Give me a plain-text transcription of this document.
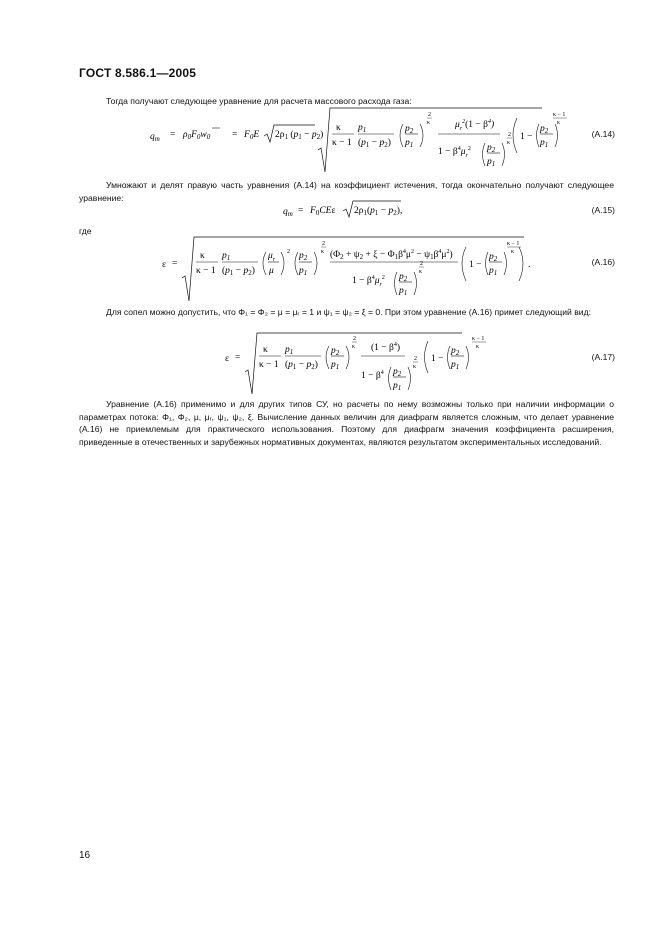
ГОСТ 8.586.1—2005
Тогда получают следующее уравнение для расчета массового расхода газа:
$q_m = \rho_0F_0w_0 = F_0E$ $2\rho_1$ $(p_1 - p_2)$
κ
κ − 1
$p_1$
$(p_1 - p_2)$
$p_2$
$p_1$
2
κ	$\mu_r^2(1 - \beta^4)$
$1 - \beta^4\mu_r^2$ $p_2$
$p_1$
2
κ
1 −
$p_2$
$p_1$
κ − 1
κ
(А.14)
Умножают и делят правую часть уравнения (А.14) на коэффициент истечения, тогда окончательно получают следующее уравнение:
$q_m = F_0CE\varepsilon$ $2\rho_1(p_1 - p_2)$,	(А.15)
где
ε =
κ
κ − 1
$p_1$
$(p_1 - p_2)$
$\mu_r$
μ
2 $p_2$
$p_1$
2
κ $(\Phi_2 + \psi_2 + \xi - \Phi_1\beta^4\mu^2 - \psi_1\beta^4\mu^2)$
$1 - \beta^4\mu_r^2$ $p_2$
$p_1$
2
κ
1 −
$p_2$
$p_1$
κ − 1
κ
.	(А.16)
Для сопел можно допустить, что Φ₁ = Φ₂ = μ = μᵣ = 1 и ψ₁ = ψ₂ = ξ = 0. При этом уравнение (А.16) примет следующий вид:
ε =
κ
κ − 1
$p_1$
$(p_1 - p_2)$
$p_2$
$p_1$
2
κ $(1 - \beta^4)$
$1 - \beta^4$ $p_2$
$p_1$
2
κ
1 −
$p_2$
$p_1$
κ − 1
κ
(А.17)
Уравнение (А.16) применимо и для других типов СУ, но расчеты по нему возможны только при наличии информации о параметрах потока: Φ₁, Φ₂, μ, μᵣ, ψ₁, ψ₂, ξ. Вычисление данных величин для диафрагм является сложным, что делает уравнение (А.16) не приемлемым для практического использования. Поэтому для диафрагм значения коэффициента расширения, приведенные в отечественных и зарубежных нормативных документах, являются результатом экспериментальных исследований.
16
